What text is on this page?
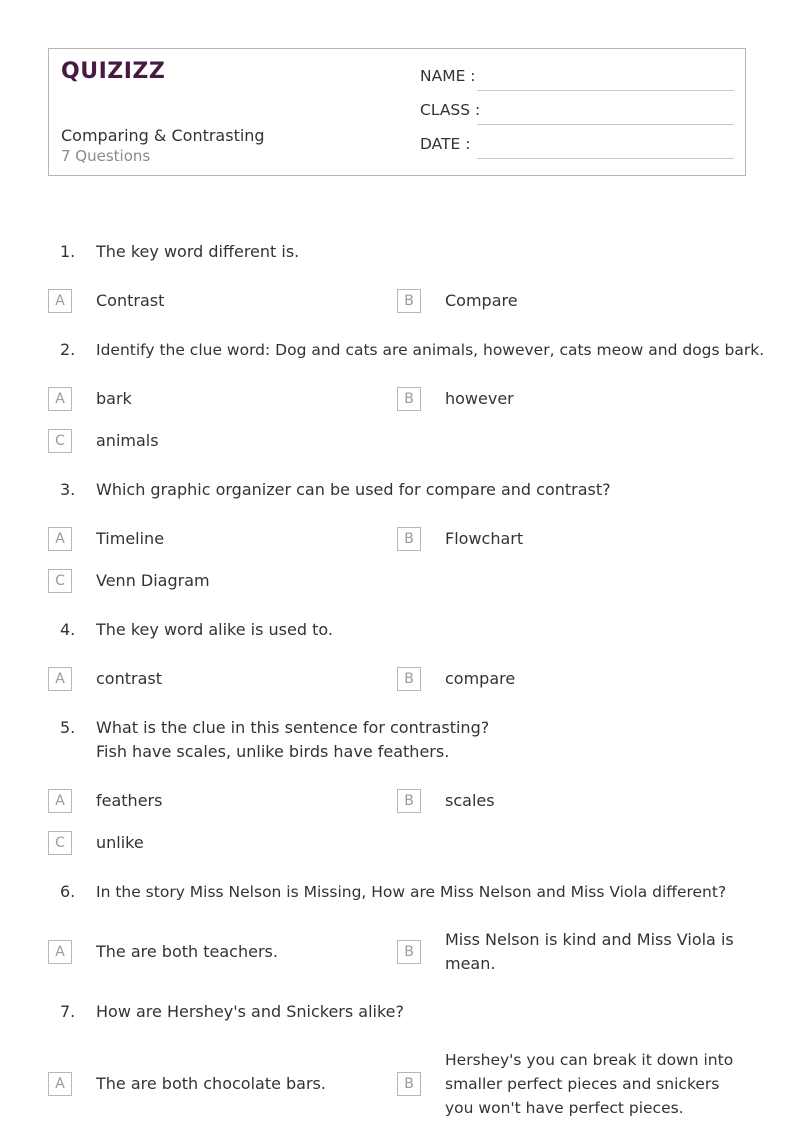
QUIZIZZ
Comparing & Contrasting
7 Questions
NAME :
CLASS :
DATE :
1. The key word different is.
A	Contrast	B	Compare
2. Identify the clue word: Dog and cats are animals, however, cats meow and dogs bark.
A	bark	B	however
C	animals
3. Which graphic organizer can be used for compare and contrast?
A	Timeline	B	Flowchart
C	Venn Diagram
4. The key word alike is used to.
A	contrast	B	compare
5. What is the clue in this sentence for contrasting?
Fish have scales, unlike birds have feathers.
A	feathers	B	scales
C	unlike
6. In the story Miss Nelson is Missing, How are Miss Nelson and Miss Viola different?
A	The are both teachers.	B
Miss Nelson is kind and Miss Viola is mean.
7. How are Hershey's and Snickers alike?
A	The are both chocolate bars.	B
Hershey's you can break it down into smaller perfect pieces and snickers you won't have perfect pieces.
